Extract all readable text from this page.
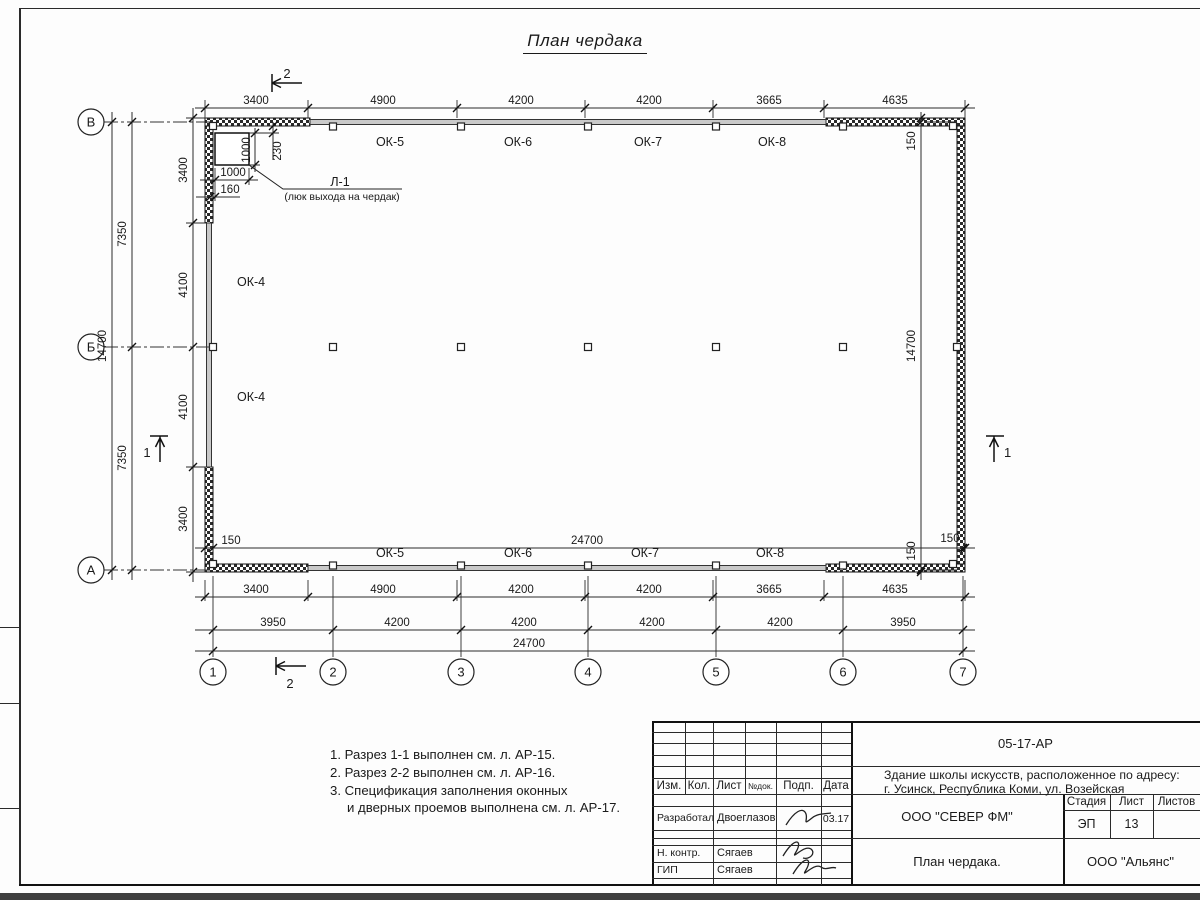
План чердака
2
2
1	1
В
Б
А
1	2	3	4	5	6	7
3400	4900	4200	4200	3665	4635
3400
4100
4100
3400
7350
7350
14700
150
14700
150
150	24700	150
3400	4900	4200	4200	3665	4635
3950	4200	4200	4200	4200	3950
24700
1000 230
1000
160
Л-1
(люк выхода на чердак)
ОК-5	ОК-6	ОК-7	ОК-8
ОК-5	ОК-6	ОК-7	ОК-8
ОК-4
ОК-4
1. Разрез 1-1 выполнен см. л. АР-15.
2. Разрез 2-2 выполнен см. л. АР-16.
3. Спецификация заполнения оконных
и дверных проемов выполнена см. л. АР-17.
Изм. Кол. Лист №док. Подп. Дата
Разработал Двоеглазов	03.17
Н. контр. Сягаев
ГИП	Сягаев
05-17-АР
Здание школы искусств, расположенное по адресу:
г. Усинск, Республика Коми, ул. Возейская
ООО "СЕВЕР ФМ"
Стадия	Лист	Листов
ЭП	13
План чердака.	ООО "Альянс"
